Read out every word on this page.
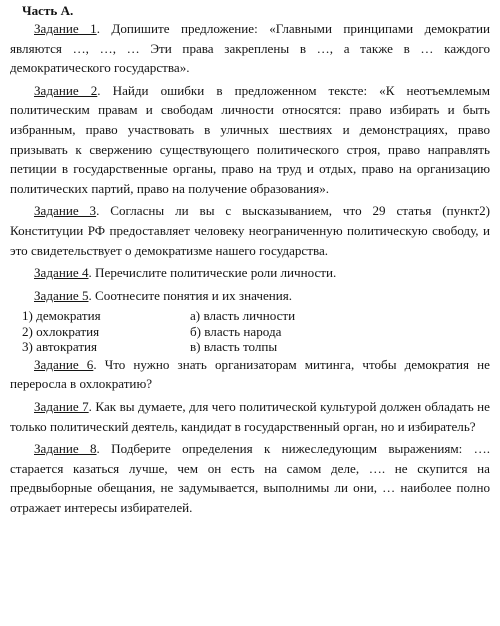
Часть А.

Задание 1. Допишите предложение: «Главными принципами демократии являются …, …, … Эти права закреплены в …, а также в … каждого демократического государства».

Задание 2. Найди ошибки в предложенном тексте: «К неотъемлемым политическим правам и свободам личности относятся: право избирать и быть избранным, право участвовать в уличных шествиях и демонстрациях, право призывать к свержению существующего политического строя, право направлять петиции в государственные органы, право на труд и отдых, право на организацию политических партий, право на получение образования».

Задание 3. Согласны ли вы с высказыванием, что 29 статья (пункт2) Конституции РФ предоставляет человеку неограниченную политическую свободу, и это свидетельствует о демократизме нашего государства.

Задание 4. Перечислите политические роли личности.

Задание 5. Соотнесите понятия и их значения.

1) демократия	а) власть личности
2) охлократия	б) власть народа
3) автократия	в) власть толпы

Задание 6. Что нужно знать организаторам митинга, чтобы демократия не переросла в охлократию?

Задание 7. Как вы думаете, для чего политической культурой должен обладать не только политический деятель, кандидат в государственный орган, но и избиратель?

Задание 8. Подберите определения к нижеследующим выражениям: …. старается казаться лучше, чем он есть на самом деле, …. не скупится на предвыборные обещания, не задумывается, выполнимы ли они, … наиболее полно отражает интересы избирателей.
